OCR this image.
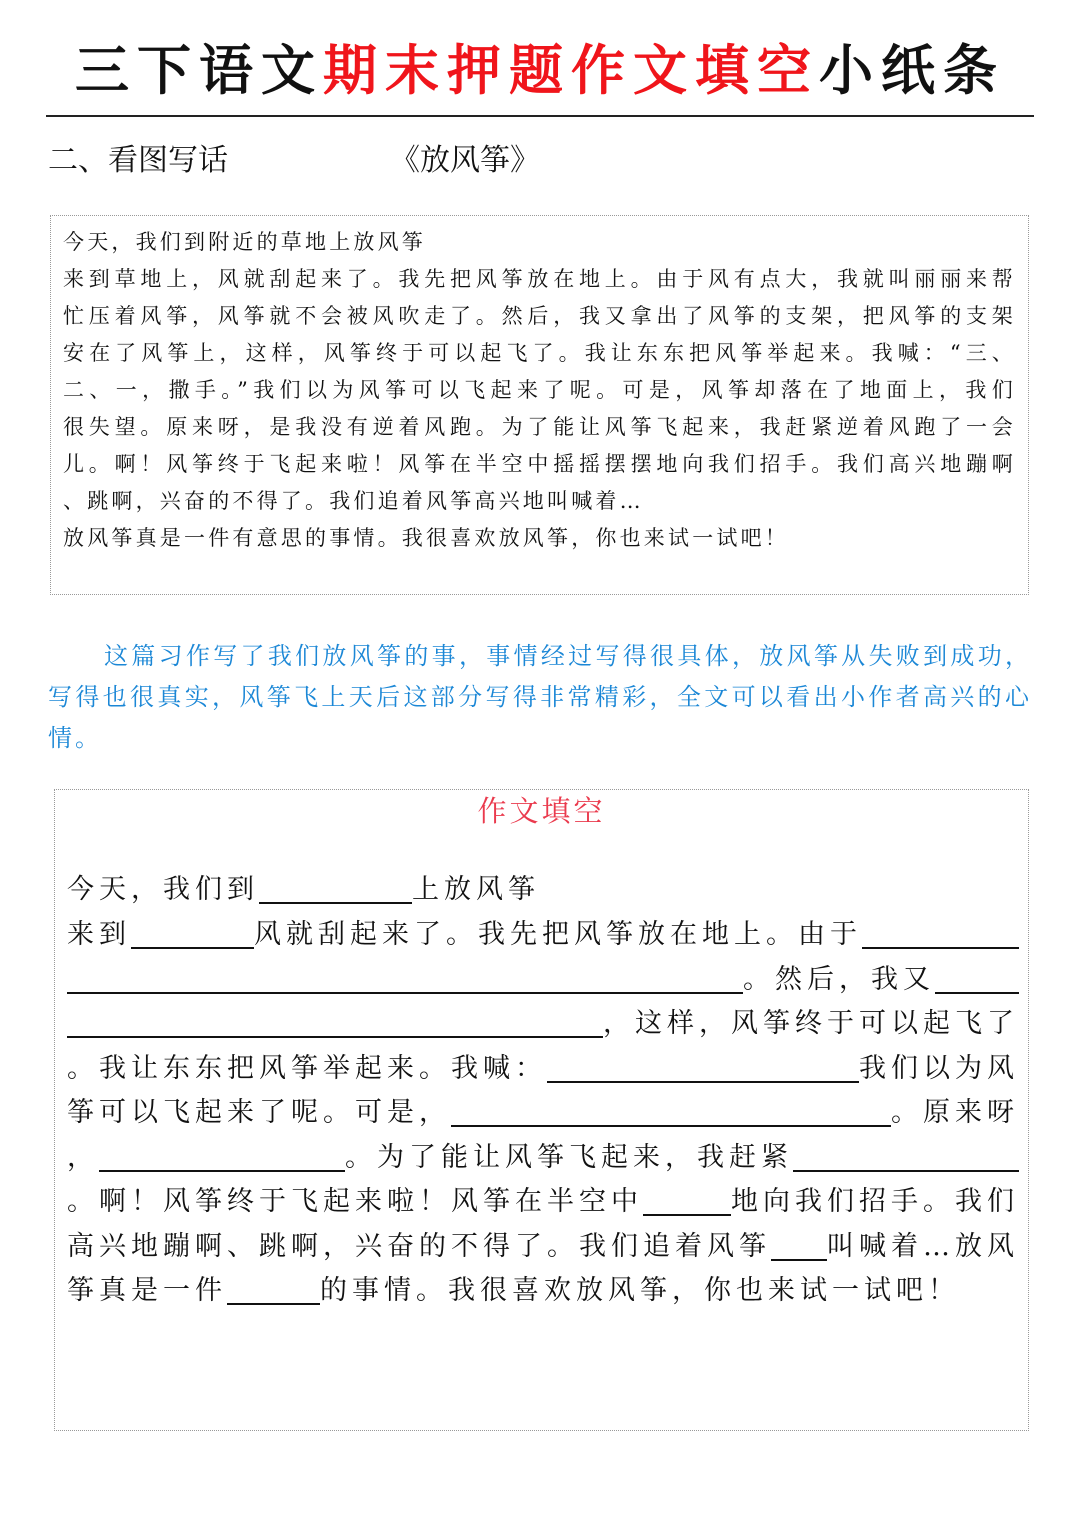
三下语文期末押题作文填空小纸条
二、看图写话	《放风筝》
今天，我们到附近的草地上放风筝
来到草地上，风就刮起来了。我先把风筝放在地上。由于风有点大，我就叫丽丽来帮
忙压着风筝，风筝就不会被风吹走了。然后，我又拿出了风筝的支架，把风筝的支架
安在了风筝上，这样，风筝终于可以起飞了。我让东东把风筝举起来。我喊：“三、
二、一，撒手。”我们以为风筝可以飞起来了呢。可是，风筝却落在了地面上，我们
很失望。原来呀，是我没有逆着风跑。为了能让风筝飞起来，我赶紧逆着风跑了一会
儿。啊！风筝终于飞起来啦！风筝在半空中摇摇摆摆地向我们招手。我们高兴地蹦啊
、跳啊，兴奋的不得了。我们追着风筝高兴地叫喊着…
放风筝真是一件有意思的事情。我很喜欢放风筝，你也来试一试吧！
这篇习作写了我们放风筝的事，事情经过写得很具体，放风筝从失败到成功，写得也很真实，风筝飞上天后这部分写得非常精彩，全文可以看出小作者高兴的心情。
作文填空
今天，我们到	上放风筝
来到	风就刮起来了。我先把风筝放在地上。由于
。然后，我又
，这样，风筝终于可以起飞了
。我让东东把风筝举起来。我喊：	我们以为风
筝可以飞起来了呢。可是，	。原来呀
，	。为了能让风筝飞起来，我赶紧
。啊！风筝终于飞起来啦！风筝在半空中	地向我们招手。我们
高兴地蹦啊、跳啊，兴奋的不得了。我们追着风筝 叫喊着…放风
筝真是一件	的事情。我很喜欢放风筝，你也来试一试吧！
